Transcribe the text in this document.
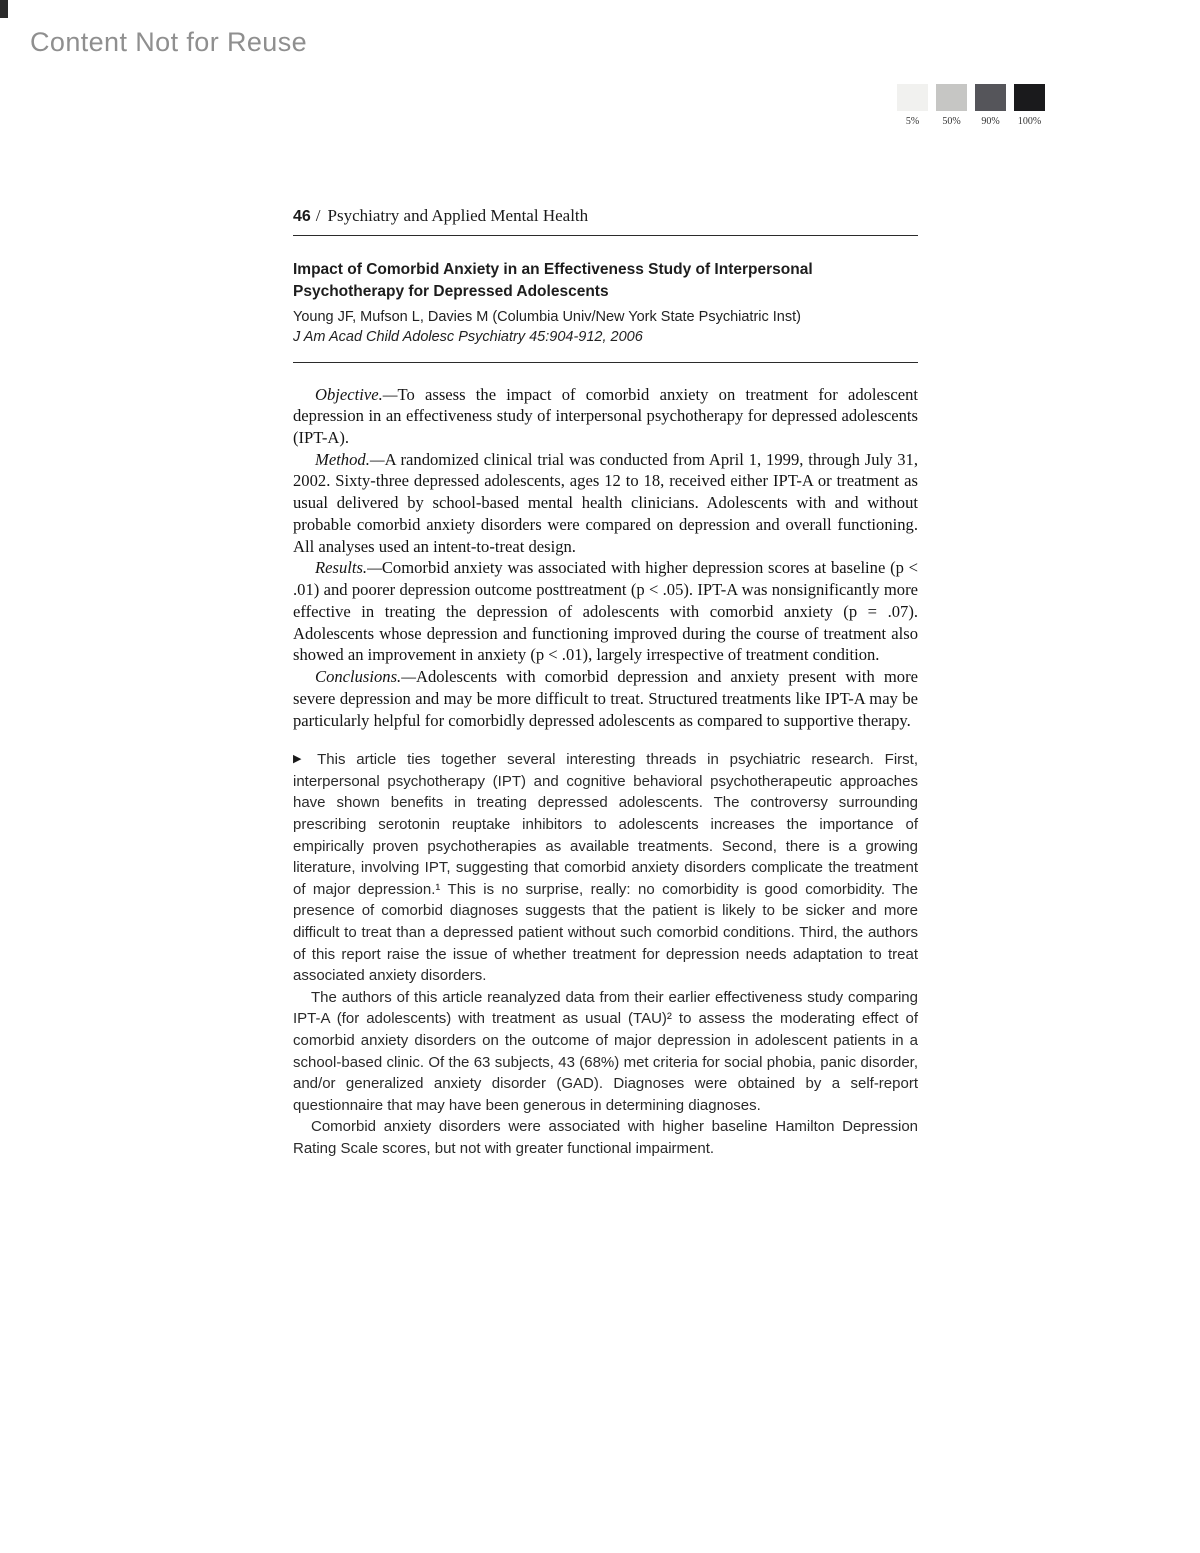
Content Not for Reuse
5%	50%	90%	100%
46 / Psychiatry and Applied Mental Health
Impact of Comorbid Anxiety in an Effectiveness Study of Interpersonal Psychotherapy for Depressed Adolescents
Young JF, Mufson L, Davies M (Columbia Univ/New York State Psychiatric Inst)
J Am Acad Child Adolesc Psychiatry 45:904-912, 2006

Objective.—To assess the impact of comorbid anxiety on treatment for adolescent depression in an effectiveness study of interpersonal psychotherapy for depressed adolescents (IPT-A).

Method.—A randomized clinical trial was conducted from April 1, 1999, through July 31, 2002. Sixty-three depressed adolescents, ages 12 to 18, received either IPT-A or treatment as usual delivered by school-based mental health clinicians. Adolescents with and without probable comorbid anxiety disorders were compared on depression and overall functioning. All analyses used an intent-to-treat design.

Results.—Comorbid anxiety was associated with higher depression scores at baseline (p < .01) and poorer depression outcome posttreatment (p < .05). IPT-A was nonsignificantly more effective in treating the depression of adolescents with comorbid anxiety (p = .07). Adolescents whose depression and functioning improved during the course of treatment also showed an improvement in anxiety (p < .01), largely irrespective of treatment condition.

Conclusions.—Adolescents with comorbid depression and anxiety present with more severe depression and may be more difficult to treat. Structured treatments like IPT-A may be particularly helpful for comorbidly depressed adolescents as compared to supportive therapy.

▶ This article ties together several interesting threads in psychiatric research. First, interpersonal psychotherapy (IPT) and cognitive behavioral psychotherapeutic approaches have shown benefits in treating depressed adolescents. The controversy surrounding prescribing serotonin reuptake inhibitors to adolescents increases the importance of empirically proven psychotherapies as available treatments. Second, there is a growing literature, involving IPT, suggesting that comorbid anxiety disorders complicate the treatment of major depression.¹ This is no surprise, really: no comorbidity is good comorbidity. The presence of comorbid diagnoses suggests that the patient is likely to be sicker and more difficult to treat than a depressed patient without such comorbid conditions. Third, the authors of this report raise the issue of whether treatment for depression needs adaptation to treat associated anxiety disorders.

The authors of this article reanalyzed data from their earlier effectiveness study comparing IPT-A (for adolescents) with treatment as usual (TAU)² to assess the moderating effect of comorbid anxiety disorders on the outcome of major depression in adolescent patients in a school-based clinic. Of the 63 subjects, 43 (68%) met criteria for social phobia, panic disorder, and/or generalized anxiety disorder (GAD). Diagnoses were obtained by a self-report questionnaire that may have been generous in determining diagnoses.

Comorbid anxiety disorders were associated with higher baseline Hamilton Depression Rating Scale scores, but not with greater functional impairment.
